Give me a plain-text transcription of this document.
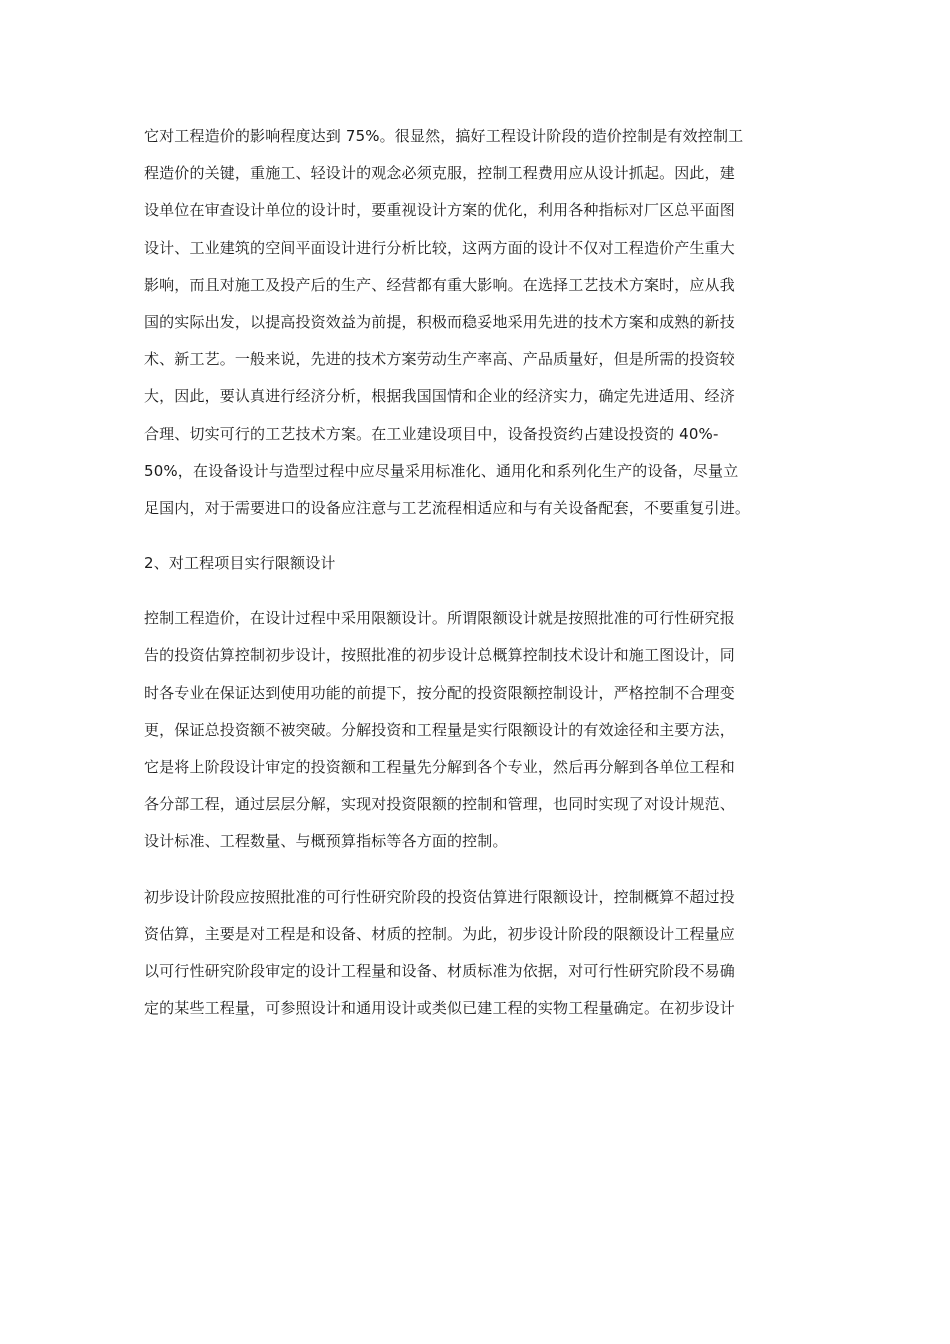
它对工程造价的影响程度达到 75%。很显然，搞好工程设计阶段的造价控制是有效控制工
程造价的关键，重施工、轻设计的观念必须克服，控制工程费用应从设计抓起。因此，建
设单位在审查设计单位的设计时，要重视设计方案的优化，利用各种指标对厂区总平面图
设计、工业建筑的空间平面设计进行分析比较，这两方面的设计不仅对工程造价产生重大
影响，而且对施工及投产后的生产、经营都有重大影响。在选择工艺技术方案时，应从我
国的实际出发，以提高投资效益为前提，积极而稳妥地采用先进的技术方案和成熟的新技
术、新工艺。一般来说，先进的技术方案劳动生产率高、产品质量好，但是所需的投资较
大，因此，要认真进行经济分析，根据我国国情和企业的经济实力，确定先进适用、经济
合理、切实可行的工艺技术方案。在工业建设项目中，设备投资约占建设投资的 40%-
50%，在设备设计与造型过程中应尽量采用标准化、通用化和系列化生产的设备，尽量立
足国内，对于需要进口的设备应注意与工艺流程相适应和与有关设备配套，不要重复引进。
2、对工程项目实行限额设计
控制工程造价，在设计过程中采用限额设计。所谓限额设计就是按照批准的可行性研究报
告的投资估算控制初步设计，按照批准的初步设计总概算控制技术设计和施工图设计，同
时各专业在保证达到使用功能的前提下，按分配的投资限额控制设计，严格控制不合理变
更，保证总投资额不被突破。分解投资和工程量是实行限额设计的有效途径和主要方法，
它是将上阶段设计审定的投资额和工程量先分解到各个专业，然后再分解到各单位工程和
各分部工程，通过层层分解，实现对投资限额的控制和管理，也同时实现了对设计规范、
设计标准、工程数量、与概预算指标等各方面的控制。
初步设计阶段应按照批准的可行性研究阶段的投资估算进行限额设计，控制概算不超过投
资估算，主要是对工程是和设备、材质的控制。为此，初步设计阶段的限额设计工程量应
以可行性研究阶段审定的设计工程量和设备、材质标准为依据，对可行性研究阶段不易确
定的某些工程量，可参照设计和通用设计或类似已建工程的实物工程量确定。在初步设计
